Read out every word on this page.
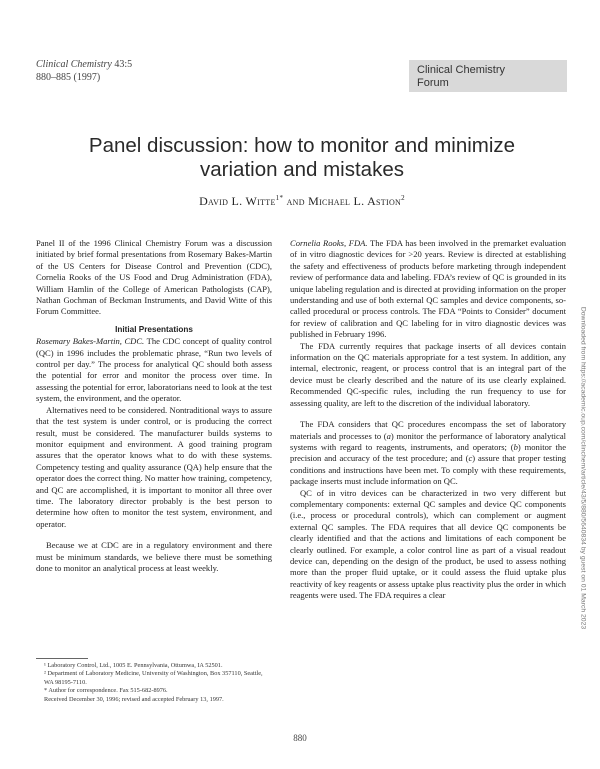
Clinical Chemistry 43:5
880–885 (1997)
Clinical Chemistry
Forum
Panel discussion: how to monitor and minimize
variation and mistakes
David L. Witte$^{1*}$ and Michael L. Astion$^2$

Panel II of the 1996 Clinical Chemistry Forum was a discussion initiated by brief formal presentations from Rosemary Bakes-Martin of the US Centers for Disease Control and Prevention (CDC), Cornelia Rooks of the US Food and Drug Administration (FDA), William Hamlin of the College of American Pathologists (CAP), Nathan Gochman of Beckman Instruments, and David Witte of this Forum Committee.

Initial Presentations

Rosemary Bakes-Martin, CDC. The CDC concept of quality control (QC) in 1996 includes the problematic phrase, “Run two levels of control per day.” The process for analytical QC should both assess the potential for error and monitor the process over time. In assessing the potential for error, laboratorians need to look at the test system, the environment, and the operator.

Alternatives need to be considered. Nontraditional ways to assure that the test system is under control, or is producing the correct result, must be considered. The manufacturer builds systems to monitor equipment and environment. A good training program assures that the operator knows what to do with these systems. Competency testing and quality assurance (QA) help ensure that the operator does the correct thing. No matter how training, competency, and QC are accomplished, it is important to monitor all three over time. The laboratory director probably is the best person to determine how often to monitor the test system, environment, and operator.

Because we at CDC are in a regulatory environment and there must be minimum standards, we believe there must be something done to monitor an analytical process at least weekly.

¹ Laboratory Control, Ltd., 1005 E. Pennsylvania, Ottumwa, IA 52501.

² Department of Laboratory Medicine, University of Washington, Box 357110, Seattle, WA 98195-7110.

* Author for correspondence. Fax 515-682-8976.

Received December 30, 1996; revised and accepted February 13, 1997.

Cornelia Rooks, FDA. The FDA has been involved in the premarket evaluation of in vitro diagnostic devices for >20 years. Review is directed at establishing the safety and effectiveness of products before marketing through independent review of performance data and labeling. FDA’s review of QC is grounded in its unique labeling regulation and is directed at providing information on the proper understanding and use of both external QC samples and device components, so-called procedural or process controls. The FDA “Points to Consider” document for review of calibration and QC labeling for in vitro diagnostic devices was published in February 1996.

The FDA currently requires that package inserts of all devices contain information on the QC materials appropriate for a test system. In addition, any internal, electronic, reagent, or process control that is an integral part of the device must be clearly described and the nature of its use clearly explained. Recommended QC-specific rules, including the run frequency to use for assessing quality, are left to the discretion of the individual laboratory.

The FDA considers that QC procedures encompass the set of laboratory materials and processes to (a) monitor the performance of laboratory analytical systems with regard to reagents, instruments, and operators; (b) monitor the precision and accuracy of the test procedure; and (c) assure that proper testing conditions and instructions have been met. To comply with these requirements, package inserts must include information on QC.

QC of in vitro devices can be characterized in two very different but complementary components: external QC samples and device QC components (i.e., process or procedural controls), which can complement or augment external QC samples. The FDA requires that all device QC components be clearly identified and that the actions and limitations of each component be clearly outlined. For example, a color control line as part of a visual readout device can, depending on the design of the product, be used to assess nothing more than the proper fluid uptake, or it could assess the fluid uptake plus reactivity of key reagents or assess uptake plus reactivity plus the order in which reagents were used. The FDA requires a clear

880
Downloaded from https://academic.oup.com/clinchem/article/43/5/880/5640834 by guest on 01 March 2023
